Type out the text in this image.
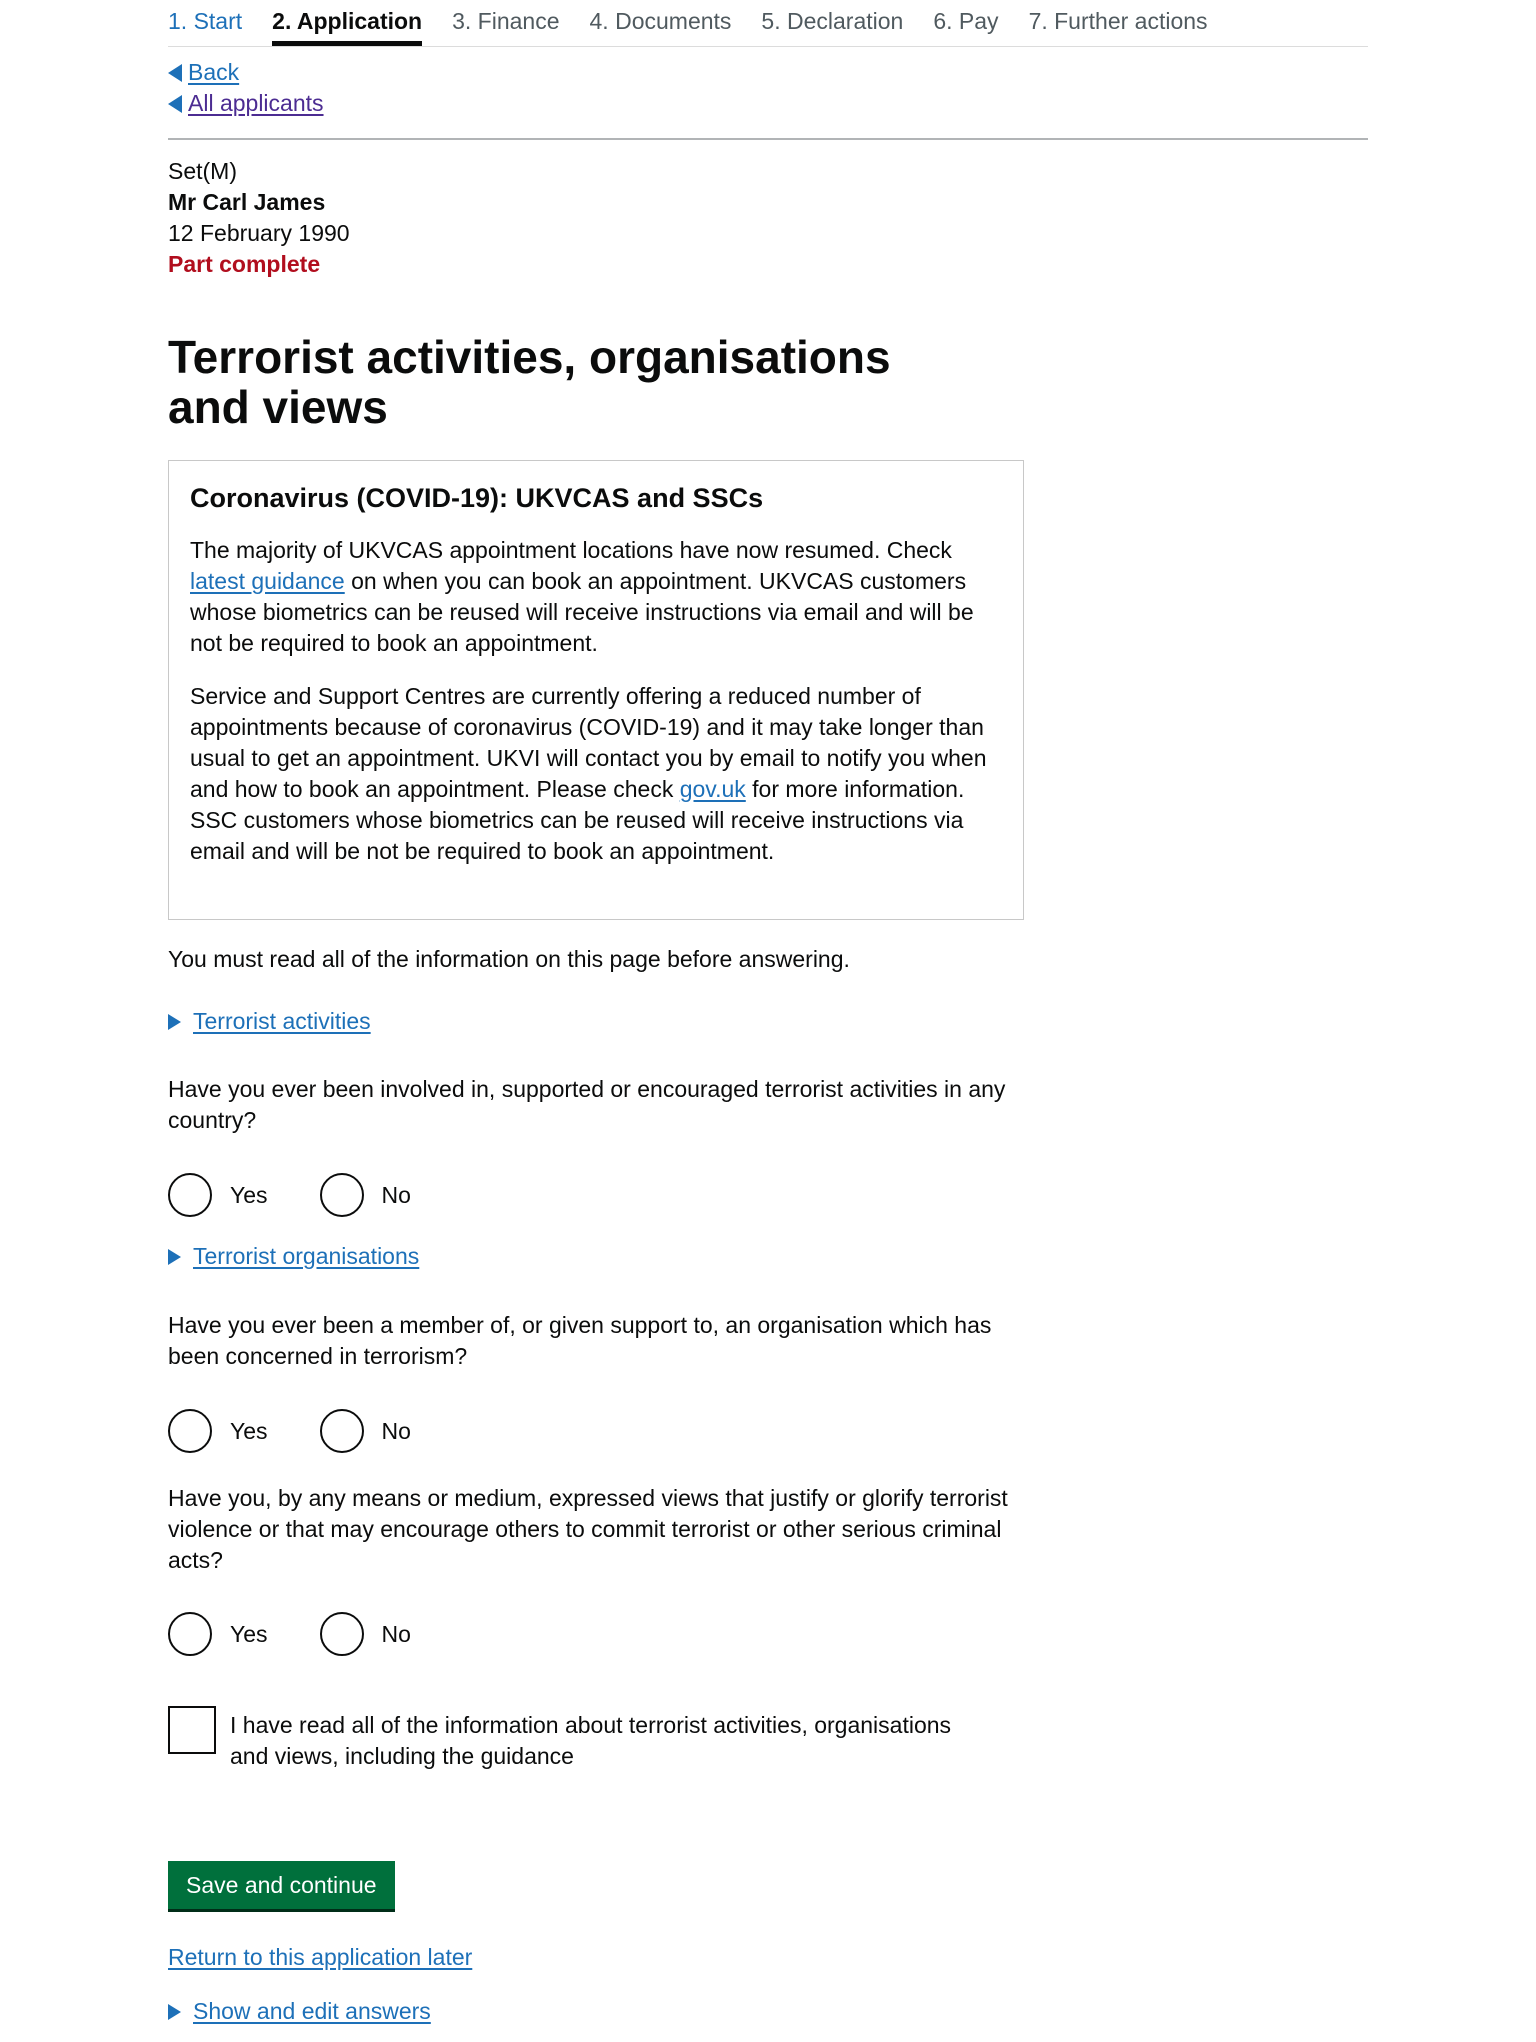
1. Start 2. Application 3. Finance 4. Documents 5. Declaration 6. Pay 7. Further actions
Back
All applicants
Set(M)
Mr Carl James
12 February 1990
Part complete
Terrorist activities, organisations and views
Coronavirus (COVID-19): UKVCAS and SSCs

The majority of UKVCAS appointment locations have now resumed. Check latest guidance on when you can book an appointment. UKVCAS customers whose biometrics can be reused will receive instructions via email and will be not be required to book an appointment.

Service and Support Centres are currently offering a reduced number of appointments because of coronavirus (COVID-19) and it may take longer than usual to get an appointment. UKVI will contact you by email to notify you when and how to book an appointment. Please check gov.uk for more information. SSC customers whose biometrics can be reused will receive instructions via email and will be not be required to book an appointment.

You must read all of the information on this page before answering.
Terrorist activities
Have you ever been involved in, supported or encouraged terrorist activities in any country?
Yes	No
Terrorist organisations
Have you ever been a member of, or given support to, an organisation which has been concerned in terrorism?
Yes	No
Have you, by any means or medium, expressed views that justify or glorify terrorist violence or that may encourage others to commit terrorist or other serious criminal acts?
Yes	No
I have read all of the information about terrorist activities, organisations and views, including the guidance
Save and continue
Return to this application later
Show and edit answers
